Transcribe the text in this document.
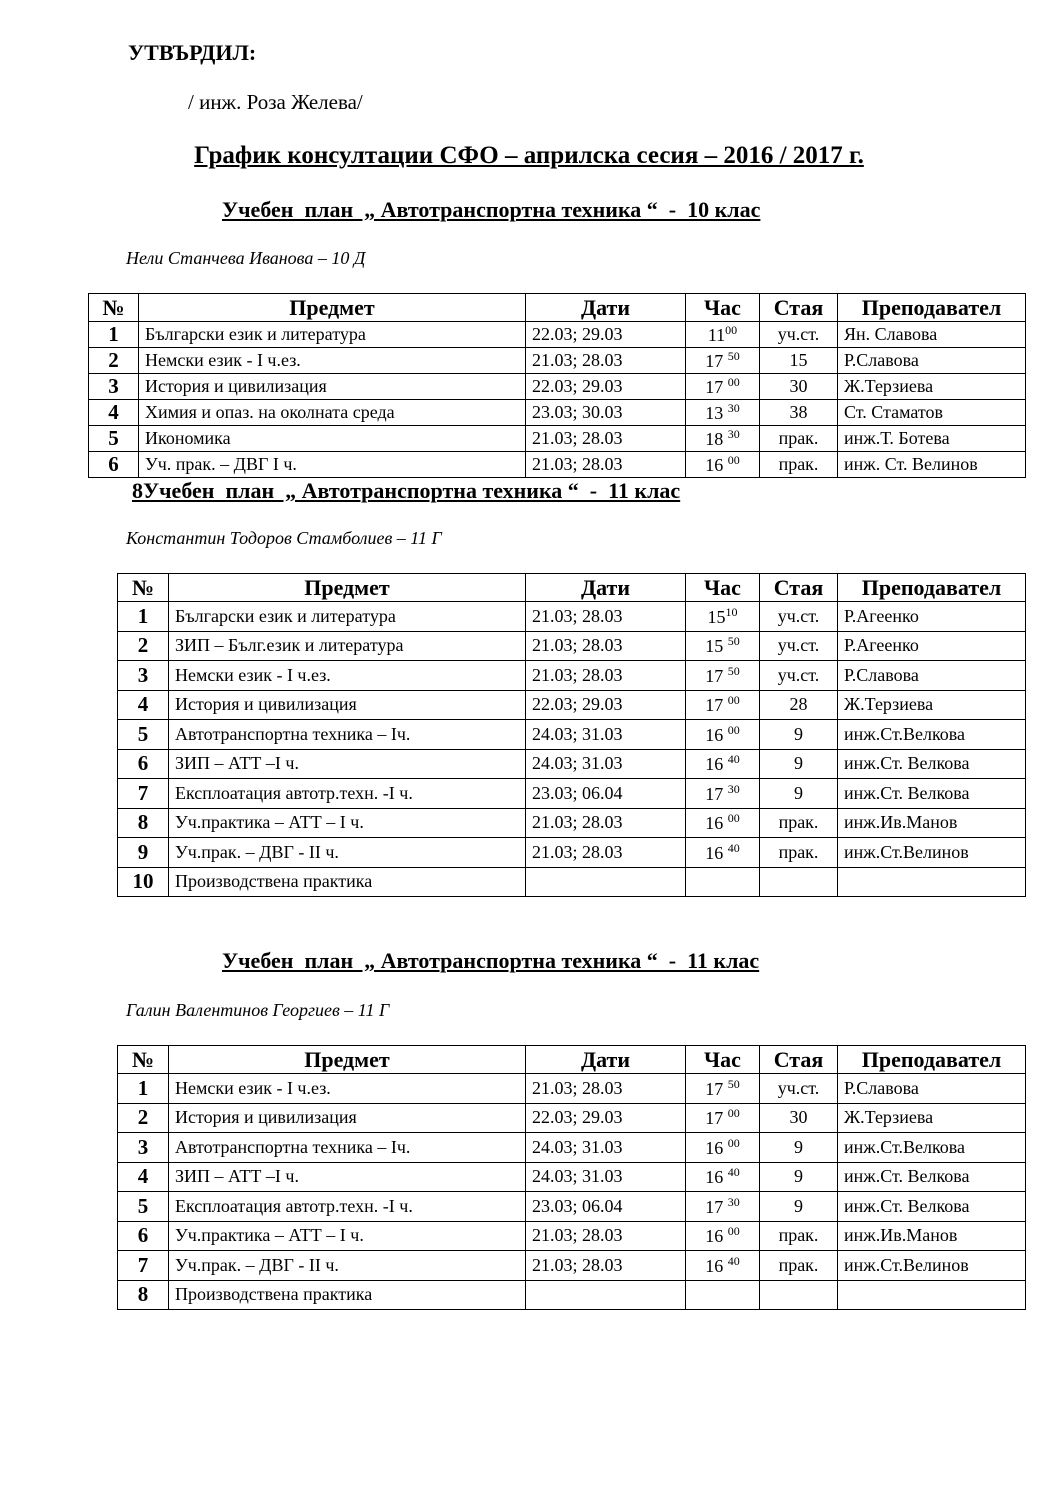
УТВЪРДИЛ:
/ инж. Роза Желева/
График консултации СФО – априлска сесия – 2016 / 2017 г.
Учебен  план  „ Автотранспортна техника “  -  10 клас
Нели Станчева Иванова – 10 Д
№	Предмет	Дати	Час	Стая	Преподавател
1	Български език и литература	22.03; 29.03	$11^{00}$	уч.ст.	Ян. Славова
2	Немски език - I ч.ез.	21.03; 28.03	17 $^{50}$	15	Р.Славова
3	История и цивилизация	22.03; 29.03	17 $^{00}$	30	Ж.Терзиева
4	Химия и опаз. на околната среда	23.03; 30.03	13 $^{30}$	38	Ст. Стаматов
5	Икономика	21.03; 28.03	18 $^{30}$	прак.	инж.Т. Ботева
6	Уч. прак. – ДВГ I ч.	21.03; 28.03	16 $^{00}$	прак.	инж. Ст. Велинов
8Учебен  план  „ Автотранспортна техника “  -  11 клас
Константин Тодоров Стамболиев – 11 Г
№	Предмет	Дати	Час	Стая	Преподавател
1	Български език и литература	21.03; 28.03	$15^{10}$	уч.ст.	Р.Агеенко
2	ЗИП – Бълг.език и литература	21.03; 28.03	15 $^{50}$	уч.ст.	Р.Агеенко
3	Немски език - I ч.ез.	21.03; 28.03	17 $^{50}$	уч.ст.	Р.Славова
4	История и цивилизация	22.03; 29.03	17 $^{00}$	28	Ж.Терзиева
5	Автотранспортна техника – Iч.	24.03; 31.03	16 $^{00}$	9	инж.Ст.Велкова
6	ЗИП – АТТ –I ч.	24.03; 31.03	16 $^{40}$	9	инж.Ст. Велкова
7	Експлоатация автотр.техн. -I ч.	23.03; 06.04	17 $^{30}$	9	инж.Ст. Велкова
8	Уч.практика – АТТ – I ч.	21.03; 28.03	16 $^{00}$	прак.	инж.Ив.Манов
9	Уч.прак. – ДВГ - II ч.	21.03; 28.03	16 $^{40}$	прак.	инж.Ст.Велинов
10	Производствена практика				
Учебен  план  „ Автотранспортна техника “  -  11 клас
Галин Валентинов Георгиев – 11 Г
№	Предмет	Дати	Час	Стая	Преподавател
1	Немски език - I ч.ез.	21.03; 28.03	17 $^{50}$	уч.ст.	Р.Славова
2	История и цивилизация	22.03; 29.03	17 $^{00}$	30	Ж.Терзиева
3	Автотранспортна техника – Iч.	24.03; 31.03	16 $^{00}$	9	инж.Ст.Велкова
4	ЗИП – АТТ –I ч.	24.03; 31.03	16 $^{40}$	9	инж.Ст. Велкова
5	Експлоатация автотр.техн. -I ч.	23.03; 06.04	17 $^{30}$	9	инж.Ст. Велкова
6	Уч.практика – АТТ – I ч.	21.03; 28.03	16 $^{00}$	прак.	инж.Ив.Манов
7	Уч.прак. – ДВГ - II ч.	21.03; 28.03	16 $^{40}$	прак.	инж.Ст.Велинов
8	Производствена практика				
